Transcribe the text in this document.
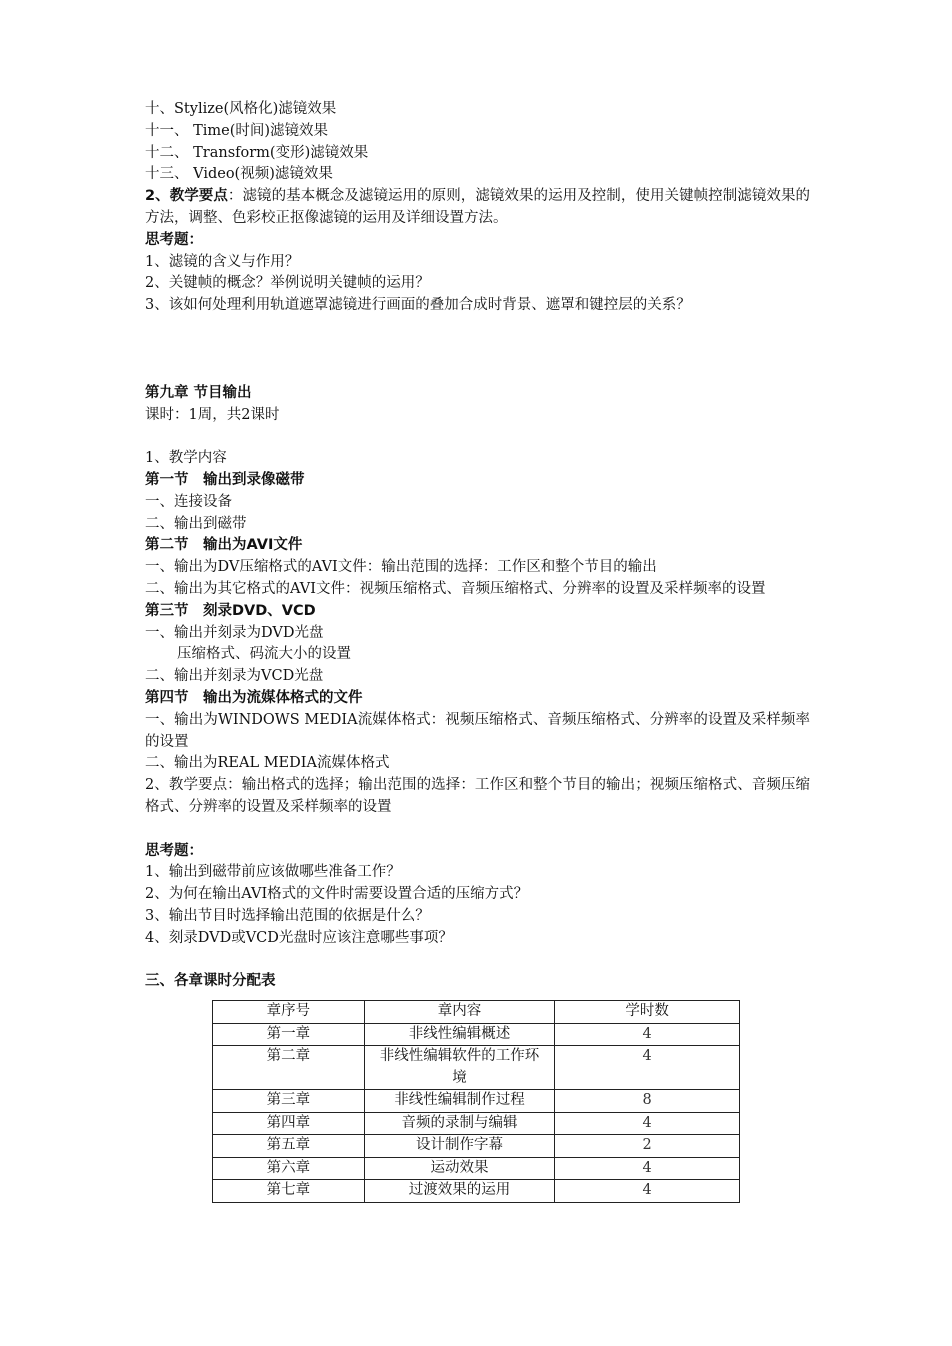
十、Stylize(风格化)滤镜效果
十一、 Time(时间)滤镜效果
十二、 Transform(变形)滤镜效果
十三、 Video(视频)滤镜效果
2、教学要点：滤镜的基本概念及滤镜运用的原则，滤镜效果的运用及控制，使用关键帧控制滤镜效果的方法，调整、色彩校正抠像滤镜的运用及详细设置方法。
思考题：
1、滤镜的含义与作用？
2、关键帧的概念？举例说明关键帧的运用？
3、该如何处理利用轨道遮罩滤镜进行画面的叠加合成时背景、遮罩和键控层的关系？
第九章 节目输出
课时：1周，共2课时
1、教学内容
第一节　输出到录像磁带
一、连接设备
二、输出到磁带
第二节　输出为AVI文件
一、输出为DV压缩格式的AVI文件：输出范围的选择：工作区和整个节目的输出
二、输出为其它格式的AVI文件：视频压缩格式、音频压缩格式、分辨率的设置及采样频率的设置
第三节　刻录DVD、VCD
一、输出并刻录为DVD光盘
压缩格式、码流大小的设置
二、输出并刻录为VCD光盘
第四节　输出为流媒体格式的文件
一、输出为WINDOWS MEDIA流媒体格式：视频压缩格式、音频压缩格式、分辨率的设置及采样频率的设置
二、输出为REAL MEDIA流媒体格式
2、教学要点：输出格式的选择；输出范围的选择：工作区和整个节目的输出；视频压缩格式、音频压缩格式、分辨率的设置及采样频率的设置
思考题：
1、输出到磁带前应该做哪些准备工作？
2、为何在输出AVI格式的文件时需要设置合适的压缩方式？
3、输出节目时选择输出范围的依据是什么？
4、刻录DVD或VCD光盘时应该注意哪些事项？
三、各章课时分配表
章序号	章内容	学时数
第一章	非线性编辑概述	4
第二章	非线性编辑软件的工作环境	4
第三章	非线性编辑制作过程	8
第四章	音频的录制与编辑	4
第五章	设计制作字幕	2
第六章	运动效果	4
第七章	过渡效果的运用	4
